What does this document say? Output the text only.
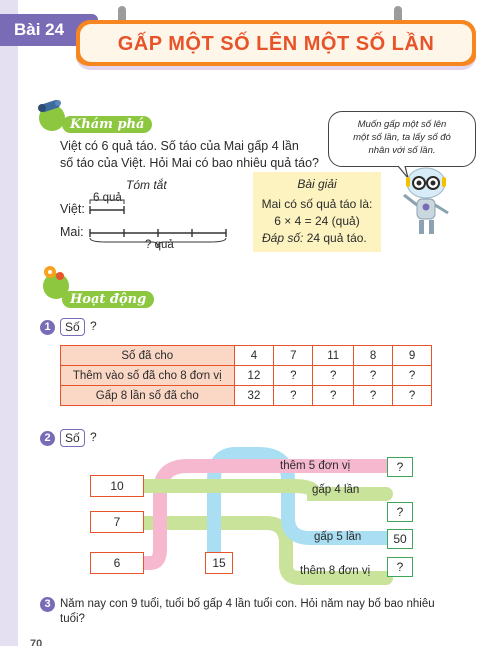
Bài 24
GẤP MỘT SỐ LÊN MỘT SỐ LẦN
Khám phá
Việt có 6 quả táo. Số táo của Mai gấp 4 lần
số táo của Việt. Hỏi Mai có bao nhiêu quả táo?
Muốn gấp một số lên
một số lần, ta lấy số đó
nhân với số lần.
Tóm tắt
Việt:
6 quả
Mai:
? quả
Bài giải
Mai có số quả táo là:
6 × 4 = 24 (quả)
Đáp số: 24 quả táo.
Hoạt động
1	Số ?
Số đã cho	4	7	11	8	9
Thêm vào số đã cho 8 đơn vị	12	?	?	?	?
Gấp 8 lần số đã cho	32	?	?	?	?
2	Số ?
10
7
6	15
thêm 5 đơn vị
gấp 4 lần
gấp 5 lần
thêm 8 đơn vị
?
?
50
?
3 Năm nay con 9 tuổi, tuổi bố gấp 4 lần tuổi con. Hỏi năm nay bố bao nhiêu
tuổi?
70
